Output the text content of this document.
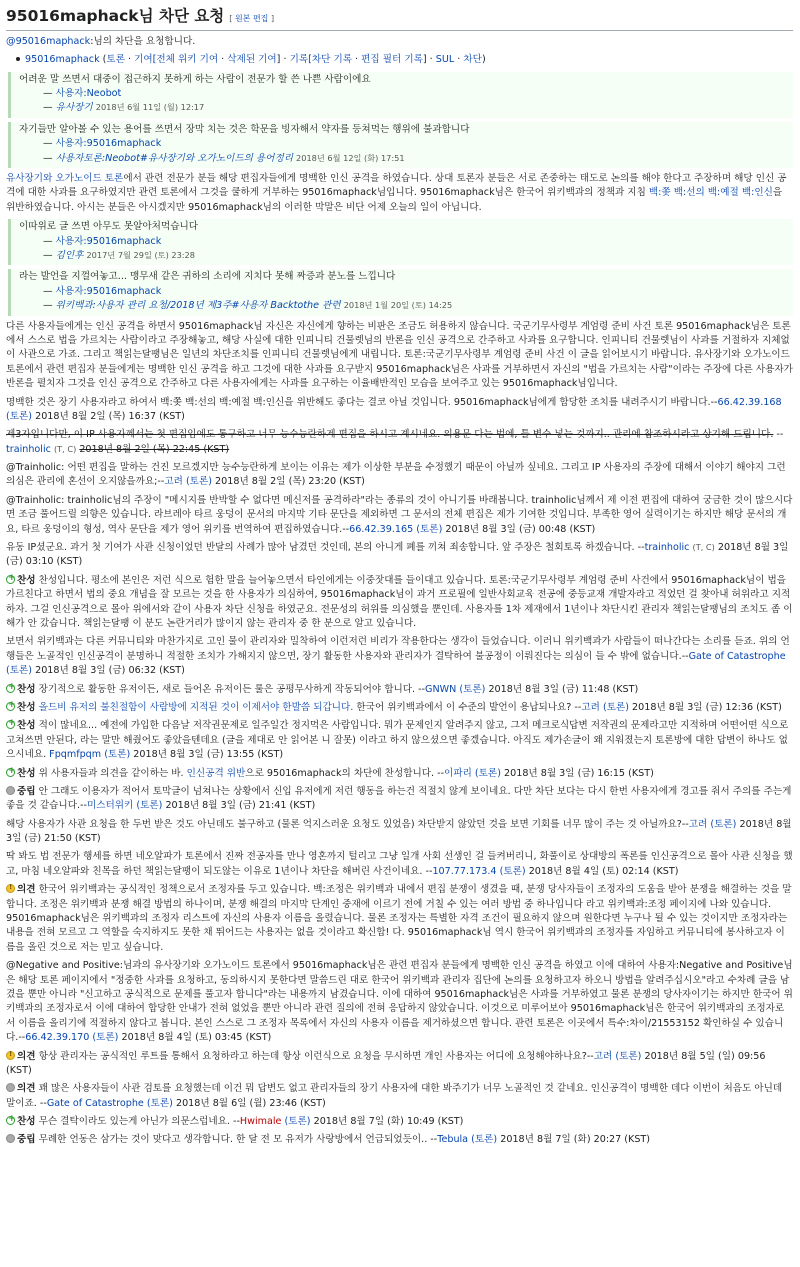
95016maphack님 차단 요청 [ 원본 편집 ]

@95016maphack:님의 차단을 요청합니다.

95016maphack (토론 · 기여[전체 위키 기여 · 삭제된 기여] · 기록[차단 기록 · 편집 필터 기록] · SUL · 차단)

어려운 말 쓰면서 대중이 접근하지 못하게 하는 사람이 전문가 할 쓴 나쁜 사람이에요

— 사용자:Neobot

— 유사장기 2018년 6월 11일 (월) 12:17

자기들만 알아볼 수 있는 용어를 쓰면서 장막 치는 것은 학문을 빙자해서 약자를 등쳐먹는 행위에 불과합니다

— 사용자:95016maphack

— 사용자토론:Neobot#유사장기와 오가노이드의 용어정리 2018년 6월 12일 (화) 17:51

유사장기와 오가노이드 토론에서 관련 전문가 분들 해당 편집자들에게 명백한 인신 공격을 하였습니다. 상대 토론자 분들은 서로 존중하는 태도로 논의를 해야 한다고 주장하며 해당 인신 공격에 대한 사과를 요구하였지만 관련 토론에서 그것을 쿨하게 거부하는 95016maphack님입니다. 95016maphack님은 한국어 위키백과의 정책과 지침 백:쫒 백:선의 백:예절 백:인신을 위반하였습니다. 아시는 분들은 아시겠지만 95016maphack님의 이러한 막말은 비단 어제 오늘의 일이 아닙니다.

이따위로 글 쓰면 아무도 못알아처먹습니다

— 사용자:95016maphack

— 김인후 2017년 7월 29일 (토) 23:28

라는 발언을 지껄여놓고... 맹무새 같은 귀하의 소리에 지치다 못해 짜증과 분노를 느낍니다

— 사용자:95016maphack

— 위키백과:사용자 관리 요청/2018년 제3주#사용자 Backtothe 관련 2018년 1월 20일 (토) 14:25

다른 사용자들에게는 인신 공격을 하면서 95016maphack님 자신은 자신에게 향하는 비판은 조금도 허용하지 않습니다. 국군기무사령부 계엄령 준비 사건 토론 95016maphack님은 토론에서 스스로 법을 가르치는 사람이라고 주장해놓고, 해당 사실에 대한 인피니티 건물렛님의 반론을 인신 공격으로 간주하고 사과를 요구합니다. 인피니티 건물렛님이 사과를 거절하자 지체없이 사관으로 가죠. 그리고 책읽는달팽님은 일년의 차단조치를 인피니티 건물렛님에게 내립니다. 토론:국군기무사령부 계엄령 준비 사건 이 글을 읽어보시기 바랍니다. 유사장기와 오가노이드 토론에서 관련 편집자 분들에게는 명백한 인신 공격을 하고 그것에 대한 사과를 요구받지 95016maphack님은 사과를 거부하면서 자신의 "법을 가르치는 사람"이라는 주장에 다른 사용자가 반론을 펼치자 그것을 인신 공격으로 간주하고 다른 사용자에게는 사과를 요구하는 이율배반적인 모습을 보여주고 있는 95016maphack님입니다.

명백한 것은 장기 사용자라고 하여서 백:쫒 백:선의 백:예절 백:인신을 위반해도 좋다는 결코 아닐 것입니다. 95016maphack님에게 합당한 조치를 내려주시기 바랍니다.--66.42.39.168 (토론) 2018년 8월 2일 (목) 16:37 (KST)

제3자입니다만, 이 IP 사용자께서는 첫 편집임에도 통구하고 너무 능수능란하게 편집을 하시고 계시네요. 의용문 다는 법에, 틀 변수 넣는 것까지.. 관리에 참조하시라고 상기해 드립니다. --trainholic (T, C) 2018년 8월 2일 (목) 22:45 (KST)

@Trainholic: 어떤 편집을 말하는 건진 모르겠지만 능수능란하게 보이는 이유는 제가 이상한 부분을 수정했기 때문이 아닐까 싶네요. 그리고 IP 사용자의 주장에 대해서 이야기 해야지 그런 의심은 관리에 혼선이 오지않을까요;--고려 (토론) 2018년 8월 2일 (목) 23:20 (KST)

@Trainholic: trainholic님의 주장이 "메시지를 반박할 수 없다면 메신저를 공격하라"라는 종류의 것이 아니기를 바래봅니다. trainholic님께서 제 이전 편집에 대하여 궁금한 것이 많으시다면 조금 풀어드릴 의향은 있습니다. 라브레아 타르 웅덩이 문서의 마지막 기타 문단을 제외하면 그 문서의 전체 편집은 제가 기여한 것입니다. 부족한 영어 실력이기는 하지만 해당 문서의 개요, 타르 웅덩이의 형성, 역사 문단을 제가 영어 위키를 번역하여 편집하였습니다.--66.42.39.165 (토론) 2018년 8월 3일 (금) 00:48 (KST)

유동 IP셨군요. 과거 첫 기여가 사관 신청이었던 반달의 사례가 많아 남겼던 것인데, 본의 아니게 폐를 끼쳐 죄송합니다. 앞 주장은 철회토록 하겠습니다. --trainholic (T, C) 2018년 8월 3일 (금) 03:10 (KST)

+찬성 찬성입니다. 평소에 본인은 저런 식으로 험한 말을 늘어놓으면서 타인에게는 이중잣대를 들이대고 있습니다. 토론:국군기무사령부 계엄령 준비 사건에서 95016maphack님이 법을 가르친다고 하면서 법의 중요 개념을 잘 모르는 것을 한 사용자가 의심하여, 95016maphack님이 과거 프로필에 일반사회교육 전공에 중등교재 개발자라고 적었던 걸 찾아내 허위라고 지적하자. 그걸 인신공격으로 몰아 위에서와 같이 사용자 차단 신청을 하였군요. 전문성의 허위를 의심했을 뿐인데. 사용자를 1차 제재에서 1년이나 차단시킨 관리자 책읽는달팽님의 조치도 좀 이해가 안 갔습니다. 책읽는달팽 이 분도 논란거리가 많이지 않는 관리자 중 한 분으로 알고 있습니다.

보면서 위키백과는 다른 커뮤니티와 마찬가지로 고인 물이 관리자와 밀착하여 이런저런 비리가 작용한다는 생각이 들었습니다. 이러니 위키백과가 사람들이 떠나간다는 소리를 듣죠. 위의 언행들은 노골적인 인신공격이 분명하니 적절한 조치가 가해지지 않으면, 장기 활동한 사용자와 관리자가 결탁하여 불공정이 이뤄진다는 의심이 들 수 밖에 없습니다.--Gate of Catastrophe (토론) 2018년 8월 3일 (금) 06:32 (KST)

+찬성 장기적으로 활동한 유저이든, 새로 들어온 유저이든 룰은 공평무사하게 작동되어야 합니다. --GNWN (토론) 2018년 8월 3일 (금) 11:48 (KST)

+찬성 올드비 유저의 불친절함이 사람방에 지적된 것이 이제서야 한발씀 되갑니다. 한국어 위키백과에서 이 수준의 발언이 용납되나요? --고려 (토론) 2018년 8월 3일 (금) 12:36 (KST)

+찬성 적이 많네요... 예전에 가입한 다음날 저작권문제로 일주일간 정지먹은 사람입니다. 뭐가 문제인지 알려주지 않고, 그저 메크로식답변 저작권의 문제라고만 지적하며 어떤어떤 식으로 고쳐쓰면 안된다, 라는 말만 해줬어도 좋았을텐데요 (글을 제대로 안 읽어본 니 잘못) 이라고 하지 않으셨으면 좋겠습니다. 아직도 제가손글이 왜 지워졌는지 토론방에 대한 답변이 하나도 없으시네요. Fpqmfpqm (토론) 2018년 8월 3일 (금) 13:55 (KST)

+찬성 위 사용자들과 의견을 같이하는 바. 인신공격 위반으로 95016maphack의 차단에 찬성합니다. --이파리 (토론) 2018년 8월 3일 (금) 16:15 (KST)

중립 안 그래도 이용자가 적어서 토막글이 넘쳐나는 상황에서 신입 유저에게 저런 행동을 하는건 적절치 않게 보이네요. 다만 차단 보다는 다시 한번 사용자에게 경고를 줘서 주의를 주는게 좋을 것 같습니다.--미스터위키 (토론) 2018년 8월 3일 (금) 21:41 (KST)

해당 사용자가 사관 요청을 한 두번 받은 것도 아닌데도 불구하고 (물론 억지스러운 요청도 있었음) 차단받지 않았던 것을 보면 기회를 너무 많이 주는 것 아닐까요?--고려 (토론) 2018년 8월 3일 (금) 21:50 (KST)

딱 봐도 법 전문가 행세를 하면 네오알파가 토론에서 진짜 전공자를 만나 영혼까지 털리고 그냥 일개 사회 선생인 걸 들켜버리니, 화풀이로 상대방의 폭론를 인신공격으로 몰아 사관 신청을 했고, 마침 네오알파와 친목을 하던 책읽는달팽이 되도않는 이유로 1년이나 차단을 해버린 사건이네요. --107.77.173.4 (토론) 2018년 8월 4일 (토) 02:14 (KST)

!의견 한국어 위키백과는 공식적인 정책으로서 조정자를 두고 있습니다. 백:조정은 위키백과 내에서 편집 분쟁이 생겼을 때, 분쟁 당사자들이 조정자의 도움을 받아 분쟁을 해결하는 것을 말합니다. 조정은 위키백과 분쟁 해결 방법의 하나이며, 분쟁 해결의 마지막 단계인 중재에 이르기 전에 거칠 수 있는 여러 방법 중 하나입니다 라고 위키백과:조정 페이지에 나와 있습니다. 95016maphack님은 위키백과의 조정자 리스트에 자신의 사용자 이름을 올렸습니다. 물론 조정자는 특별한 자격 조건이 필요하지 않으며 원한다면 누구나 될 수 있는 것이지만 조정자라는 내용을 전혀 모르고 그 역할을 숙지하지도 못한 채 뛰어드는 사용자는 없을 것이라고 확신합! 다. 95016maphack님 역시 한국어 위키백과의 조정자를 자임하고 커뮤니티에 봉사하고자 이름을 올린 것으로 저는 믿고 싶습니다.

@Negative and Positive:님과의 유사장기와 오가노이드 토론에서 95016maphack님은 관련 편집자 분들에게 명백한 인신 공격을 하였고 이에 대하여 사용자:Negative and Positive님은 해당 토론 페이지에서 "정중한 사과를 요청하고, 동의하시지 못한다면 말씀드린 대로 한국어 위키백과 관리자 집단에 논의를 요청하고자 하오니 방법을 알려주십시오"라고 수차례 글을 남겼을 뿐만 아니라 "신고하고 공식적으로 문제를 풀고자 합니다"라는 내용까지 남겼습니다. 이에 대하여 95016maphack님은 사과를 거부하였고 물론 분쟁의 당사자이기는 하지만 한국어 위키백과의 조정자로서 이에 대하여 합당한 안내가 전혀 없었을 뿐만 아니라 관련 질의에 전혀 응답하지 않았습니다. 이것으로 미루어보아 95016maphack님은 한국어 위키백과의 조정자로서 이름을 올리기에 적절하지 않다고 봅니다. 본인 스스로 그 조정자 목록에서 자신의 사용자 이름을 제거하셨으면 합니다. 관련 토론은 이곳에서 특수:차이/21553152 확인하실 수 있습니다.--66.42.39.170 (토론) 2018년 8월 4일 (토) 03:45 (KST)

!의견 항상 관리자는 공식적인 루트를 통해서 요청하라고 하는데 항상 이런식으로 요청을 무시하면 개인 사용자는 어디에 요청해야하나요?--고려 (토론) 2018년 8월 5일 (일) 09:56 (KST)

의견 꽤 많은 사용자들이 사관 검토를 요청했는데 이건 뭐 답변도 없고 관리자들의 장기 사용자에 대한 봐주기가 너무 노골적인 것 같네요. 인신공격이 명백한 데다 이번이 처음도 아닌데 말이죠. --Gate of Catastrophe (토론) 2018년 8월 6일 (월) 23:46 (KST)

+찬성 무슨 결탁이라도 있는게 아닌가 의문스럽네요. --Hwimale (토론) 2018년 8월 7일 (화) 10:49 (KST)

중립 무례한 언동은 삼가는 것이 맞다고 생각합니다. 한 달 전 모 유저가 사랑방에서 언급되었듯이.. --Tebula (토론) 2018년 8월 7일 (화) 20:27 (KST)
